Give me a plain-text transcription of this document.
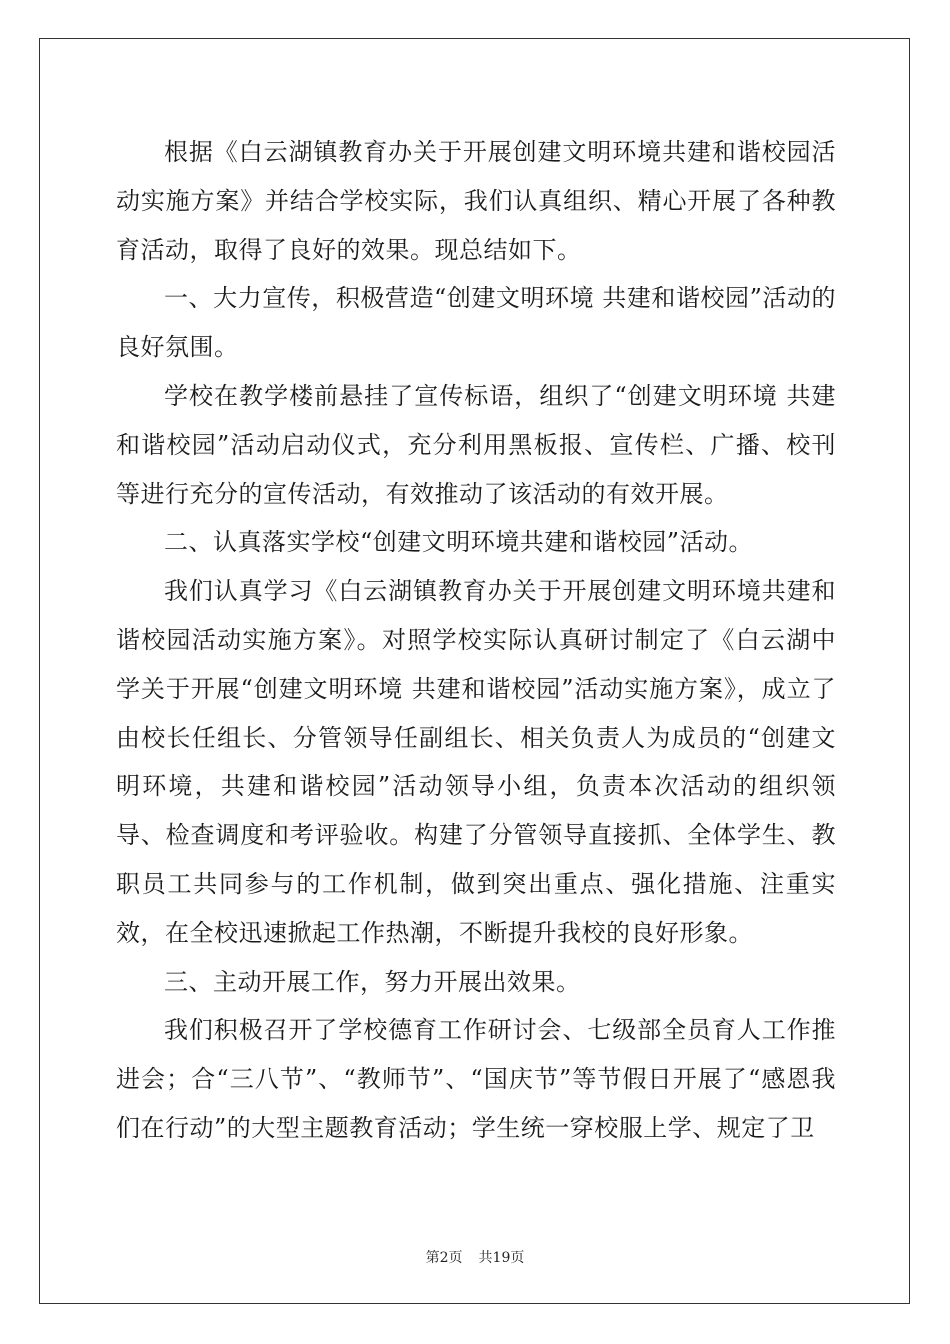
根据《白云湖镇教育办关于开展创建文明环境共建和谐校园活动实施方案》并结合学校实际，我们认真组织、精心开展了各种教育活动，取得了良好的效果。现总结如下。

一、大力宣传，积极营造“创建文明环境 共建和谐校园”活动的良好氛围。

学校在教学楼前悬挂了宣传标语，组织了“创建文明环境 共建和谐校园”活动启动仪式，充分利用黑板报、宣传栏、广播、校刊等进行充分的宣传活动，有效推动了该活动的有效开展。

二、认真落实学校“创建文明环境共建和谐校园”活动。

我们认真学习《白云湖镇教育办关于开展创建文明环境共建和谐校园活动实施方案》。对照学校实际认真研讨制定了《白云湖中学关于开展“创建文明环境 共建和谐校园”活动实施方案》，成立了由校长任组长、分管领导任副组长、相关负责人为成员的“创建文明环境，共建和谐校园”活动领导小组，负责本次活动的组织领导、检查调度和考评验收。构建了分管领导直接抓、全体学生、教职员工共同参与的工作机制，做到突出重点、强化措施、注重实效，在全校迅速掀起工作热潮，不断提升我校的良好形象。

三、主动开展工作，努力开展出效果。

我们积极召开了学校德育工作研讨会、七级部全员育人工作推进会；合“三八节”、“教师节”、“国庆节”等节假日开展了“感恩我们在行动”的大型主题教育活动；学生统一穿校服上学、规定了卫

第2页 共19页
